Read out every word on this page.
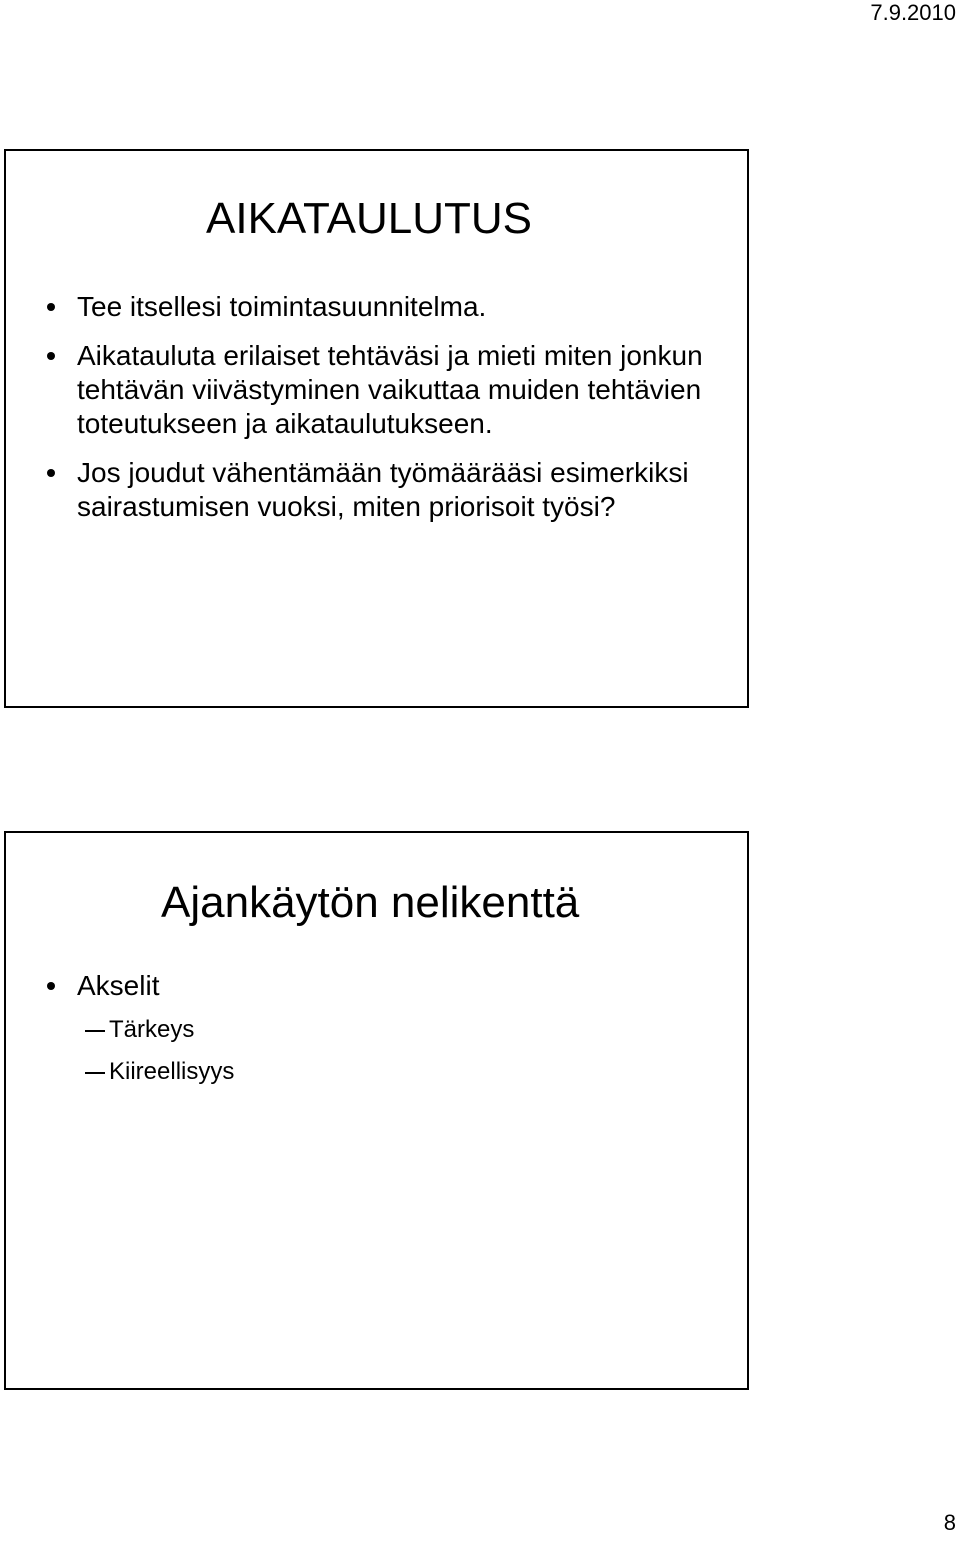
7.9.2010
AIKATAULUTUS
Tee itsellesi toimintasuunnitelma.
Aikatauluta erilaiset tehtäväsi ja mieti miten jonkun tehtävän viivästyminen vaikuttaa muiden tehtävien toteutukseen ja aikataulutukseen.
Jos joudut vähentämään työmäärääsi esimerkiksi sairastumisen vuoksi, miten priorisoit työsi?
Ajankäytön nelikenttä
Akselit
Tärkeys
Kiireellisyys
8
